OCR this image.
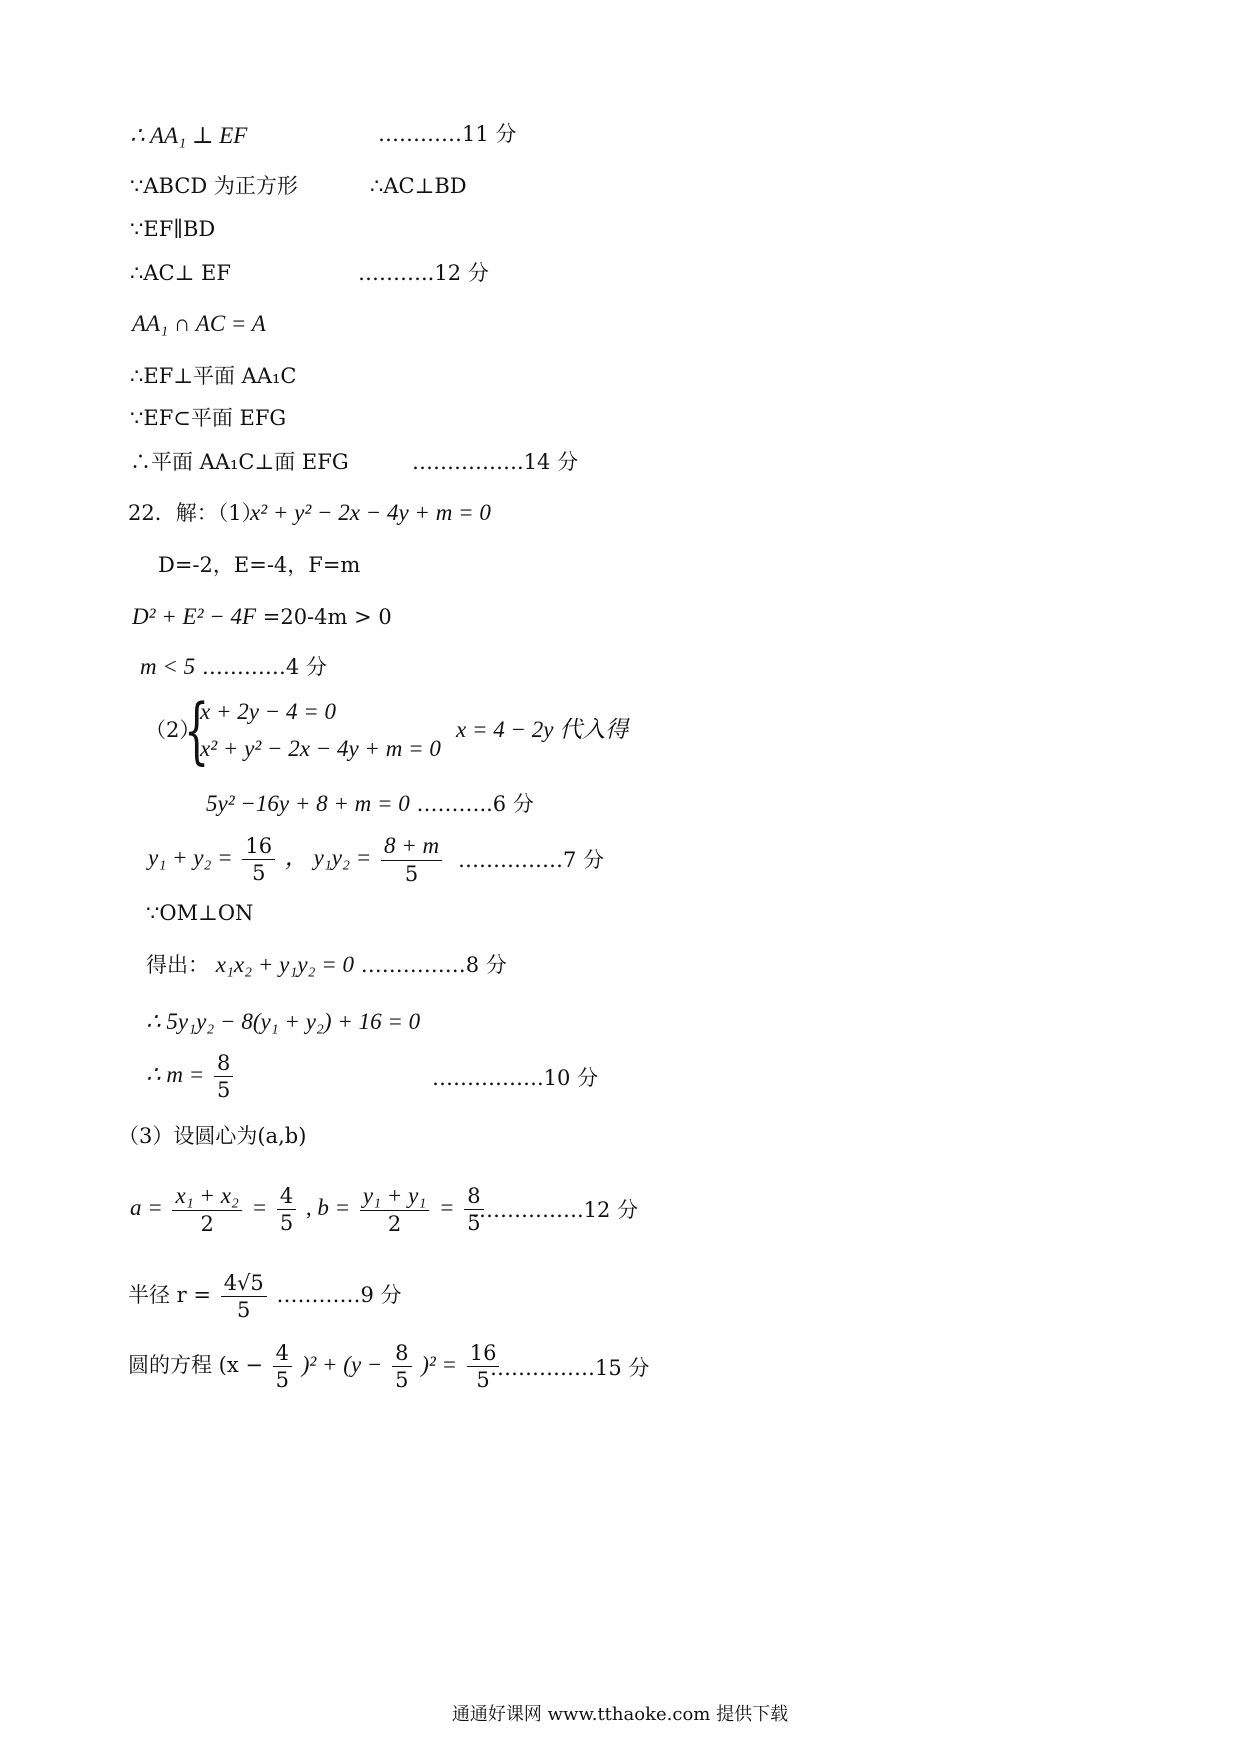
∴ AA₁ ⊥ EF	…………11 分
∵ABCD 为正方形	∴AC⊥BD
∵EF∥BD
∴AC⊥ EF	………..12 分
AA₁ ∩ AC = A
∴EF⊥平面 AA₁C
∵EF⊂平面 EFG
∴平面 AA₁C⊥面 EFG	…………….14 分
22．解：（1）
x² + y² − 2x − 4y + m = 0
D=-2，E=-4，F=m
D² + E² − 4F =20-4m > 0
m < 5 …………4 分
（2）
{
x + 2y − 4 = 0
x² + y² − 2x − 4y + m = 0
x = 4 − 2y 代入得
5y² −16y + 8 + m = 0 ………..6 分
$y_1 + y_2 = \frac{16}{5}$ ， $y_1y_2 = \frac{8 + m}{5}$ ……………7 分
∵OM⊥ON
得出： x₁x₂ + y₁y₂ = 0 ……………8 分
∴ 5y₁y₂ − 8(y₁ + y₂) + 16 = 0
∴ $m = \frac{8}{5}$	…………….10 分
（3）设圆心为(a,b)
$a = \frac{\text{x₁ + x₂}}{2} = \frac{4}{5}$ , $b = \frac{\text{y₁ + y₁}}{2} = \frac{8}{5}$
…………….12 分
半径 $r = \frac{4√5}{5}$ …………9 分
圆的方程 $(x - \frac{4}{5} )^2 + (y - \frac{8}{5} )^2 = \frac{16}{5}$
……………15 分
通通好课网 www.tthaoke.com 提供下载
